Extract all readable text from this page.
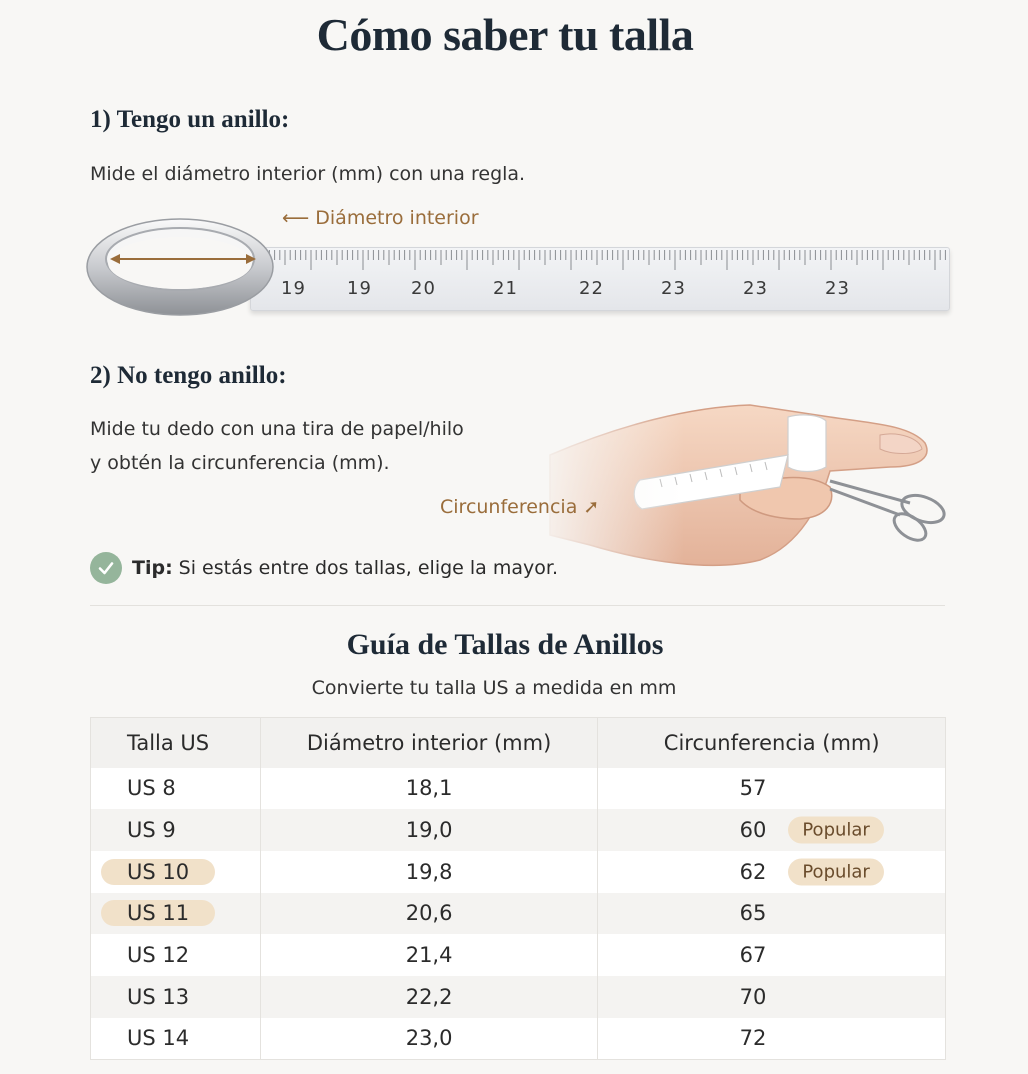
Cómo saber tu talla
1) Tengo un anillo:
Mide el diámetro interior (mm) con una regla.
19 19 20	21	22	23	23	23
⟵ Diámetro interior
2) No tengo anillo:
Mide tu dedo con una tira de papel/hilo
y obtén la circunferencia (mm).
Circunferencia ➚
Tip: Si estás entre dos tallas, elige la mayor.
Guía de Tallas de Anillos
Convierte tu talla US a medida en mm
Talla US	Diámetro interior (mm)	Circunferencia (mm)
US 8	18,1	57
US 9	19,0	60 Popular

US 10	19,8	62 Popular

US 11	20,6	65
US 12	21,4	67
US 13	22,2	70
US 14	23,0	72
